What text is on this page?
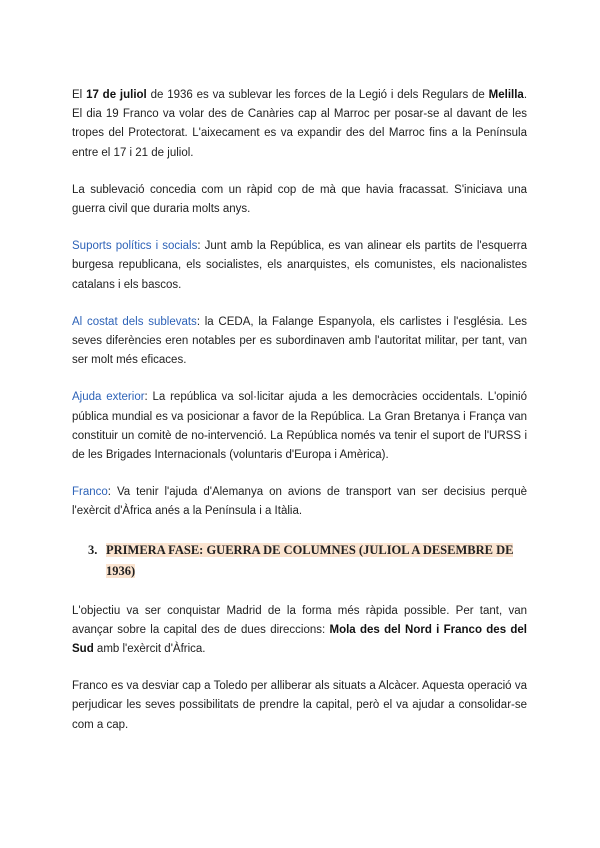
El 17 de juliol de 1936 es va sublevar les forces de la Legió i dels Regulars de Melilla. El dia 19 Franco va volar des de Canàries cap al Marroc per posar-se al davant de les tropes del Protectorat. L'aixecament es va expandir des del Marroc fins a la Península entre el 17 i 21 de juliol.

La sublevació concedia com un ràpid cop de mà que havia fracassat. S'iniciava una guerra civil que duraria molts anys.

Suports polítics i socials: Junt amb la República, es van alinear els partits de l'esquerra burgesa republicana, els socialistes, els anarquistes, els comunistes, els nacionalistes catalans i els bascos.

Al costat dels sublevats: la CEDA, la Falange Espanyola, els carlistes i l'església. Les seves diferències eren notables per es subordinaven amb l'autoritat militar, per tant, van ser molt més eficaces.

Ajuda exterior: La república va sol·licitar ajuda a les democràcies occidentals. L'opinió pública mundial es va posicionar a favor de la República. La Gran Bretanya i França van constituir un comitè de no-intervenció. La República només va tenir el suport de l'URSS i de les Brigades Internacionals (voluntaris d'Europa i Amèrica).

Franco: Va tenir l'ajuda d'Alemanya on avions de transport van ser decisius perquè l'exèrcit d'Àfrica anés a la Península i a Itàlia.

3. PRIMERA FASE: GUERRA DE COLUMNES (JULIOL A DESEMBRE DE
1936)

L'objectiu va ser conquistar Madrid de la forma més ràpida possible. Per tant, van avançar sobre la capital des de dues direccions: Mola des del Nord i Franco des del Sud amb l'exèrcit d'Àfrica.

Franco es va desviar cap a Toledo per alliberar als situats a Alcàcer. Aquesta operació va perjudicar les seves possibilitats de prendre la capital, però el va ajudar a consolidar-se com a cap.
